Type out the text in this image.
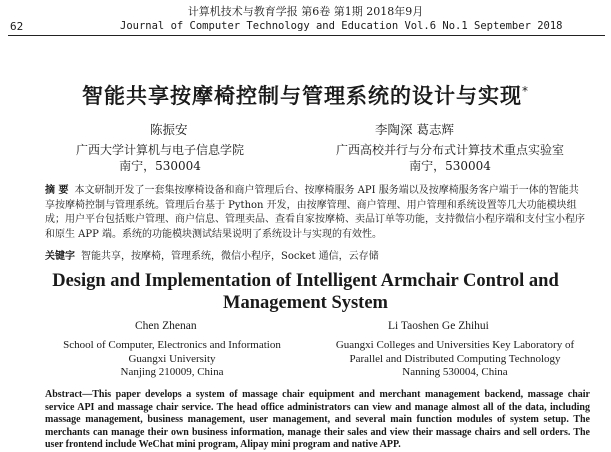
计算机技术与教育学报 第6卷 第1期 2018年9月
62	Journal of Computer Technology and Education Vol.6 No.1 September 2018
智能共享按摩椅控制与管理系统的设计与实现*
陈振安	李陶深 葛志辉
广西大学计算机与电子信息学院
南宁，530004
广西高校并行与分布式计算技术重点实验室
南宁，530004
摘 要 本文研制开发了一套集按摩椅设备和商户管理后台、按摩椅服务 API 服务端以及按摩椅服务客户端于一体的智能共享按摩椅控制与管理系统。管理后台基于 Python 开发，由按摩管理、商户管理、用户管理和系统设置等几大功能模块组成；用户平台包括账户管理、商户信息、管理卖品、查看自家按摩椅、卖品订单等功能，支持微信小程序端和支付宝小程序和原生 APP 端。系统的功能模块测试结果说明了系统设计与实现的有效性。
关键字 智能共享，按摩椅，管理系统，微信小程序，Socket 通信，云存储
Design and Implementation of Intelligent Armchair Control and
Management System
Chen Zhenan	Li Taoshen Ge Zhihui
School of Computer, Electronics and Information
Guangxi University
Nanjing 210009, China
Guangxi Colleges and Universities Key Laboratory of
Parallel and Distributed Computing Technology
Nanning 530004, China
Abstract—This paper develops a system of massage chair equipment and merchant management backend, massage chair service API and massage chair service. The head office administrators can view and manage almost all of the data, including massage management, business management, user management, and several main function modules of system setup. The merchants can manage their own business information, manage their sales and view their massage chairs and sell orders. The user frontend include WeChat mini program, Alipay mini program and native APP.
